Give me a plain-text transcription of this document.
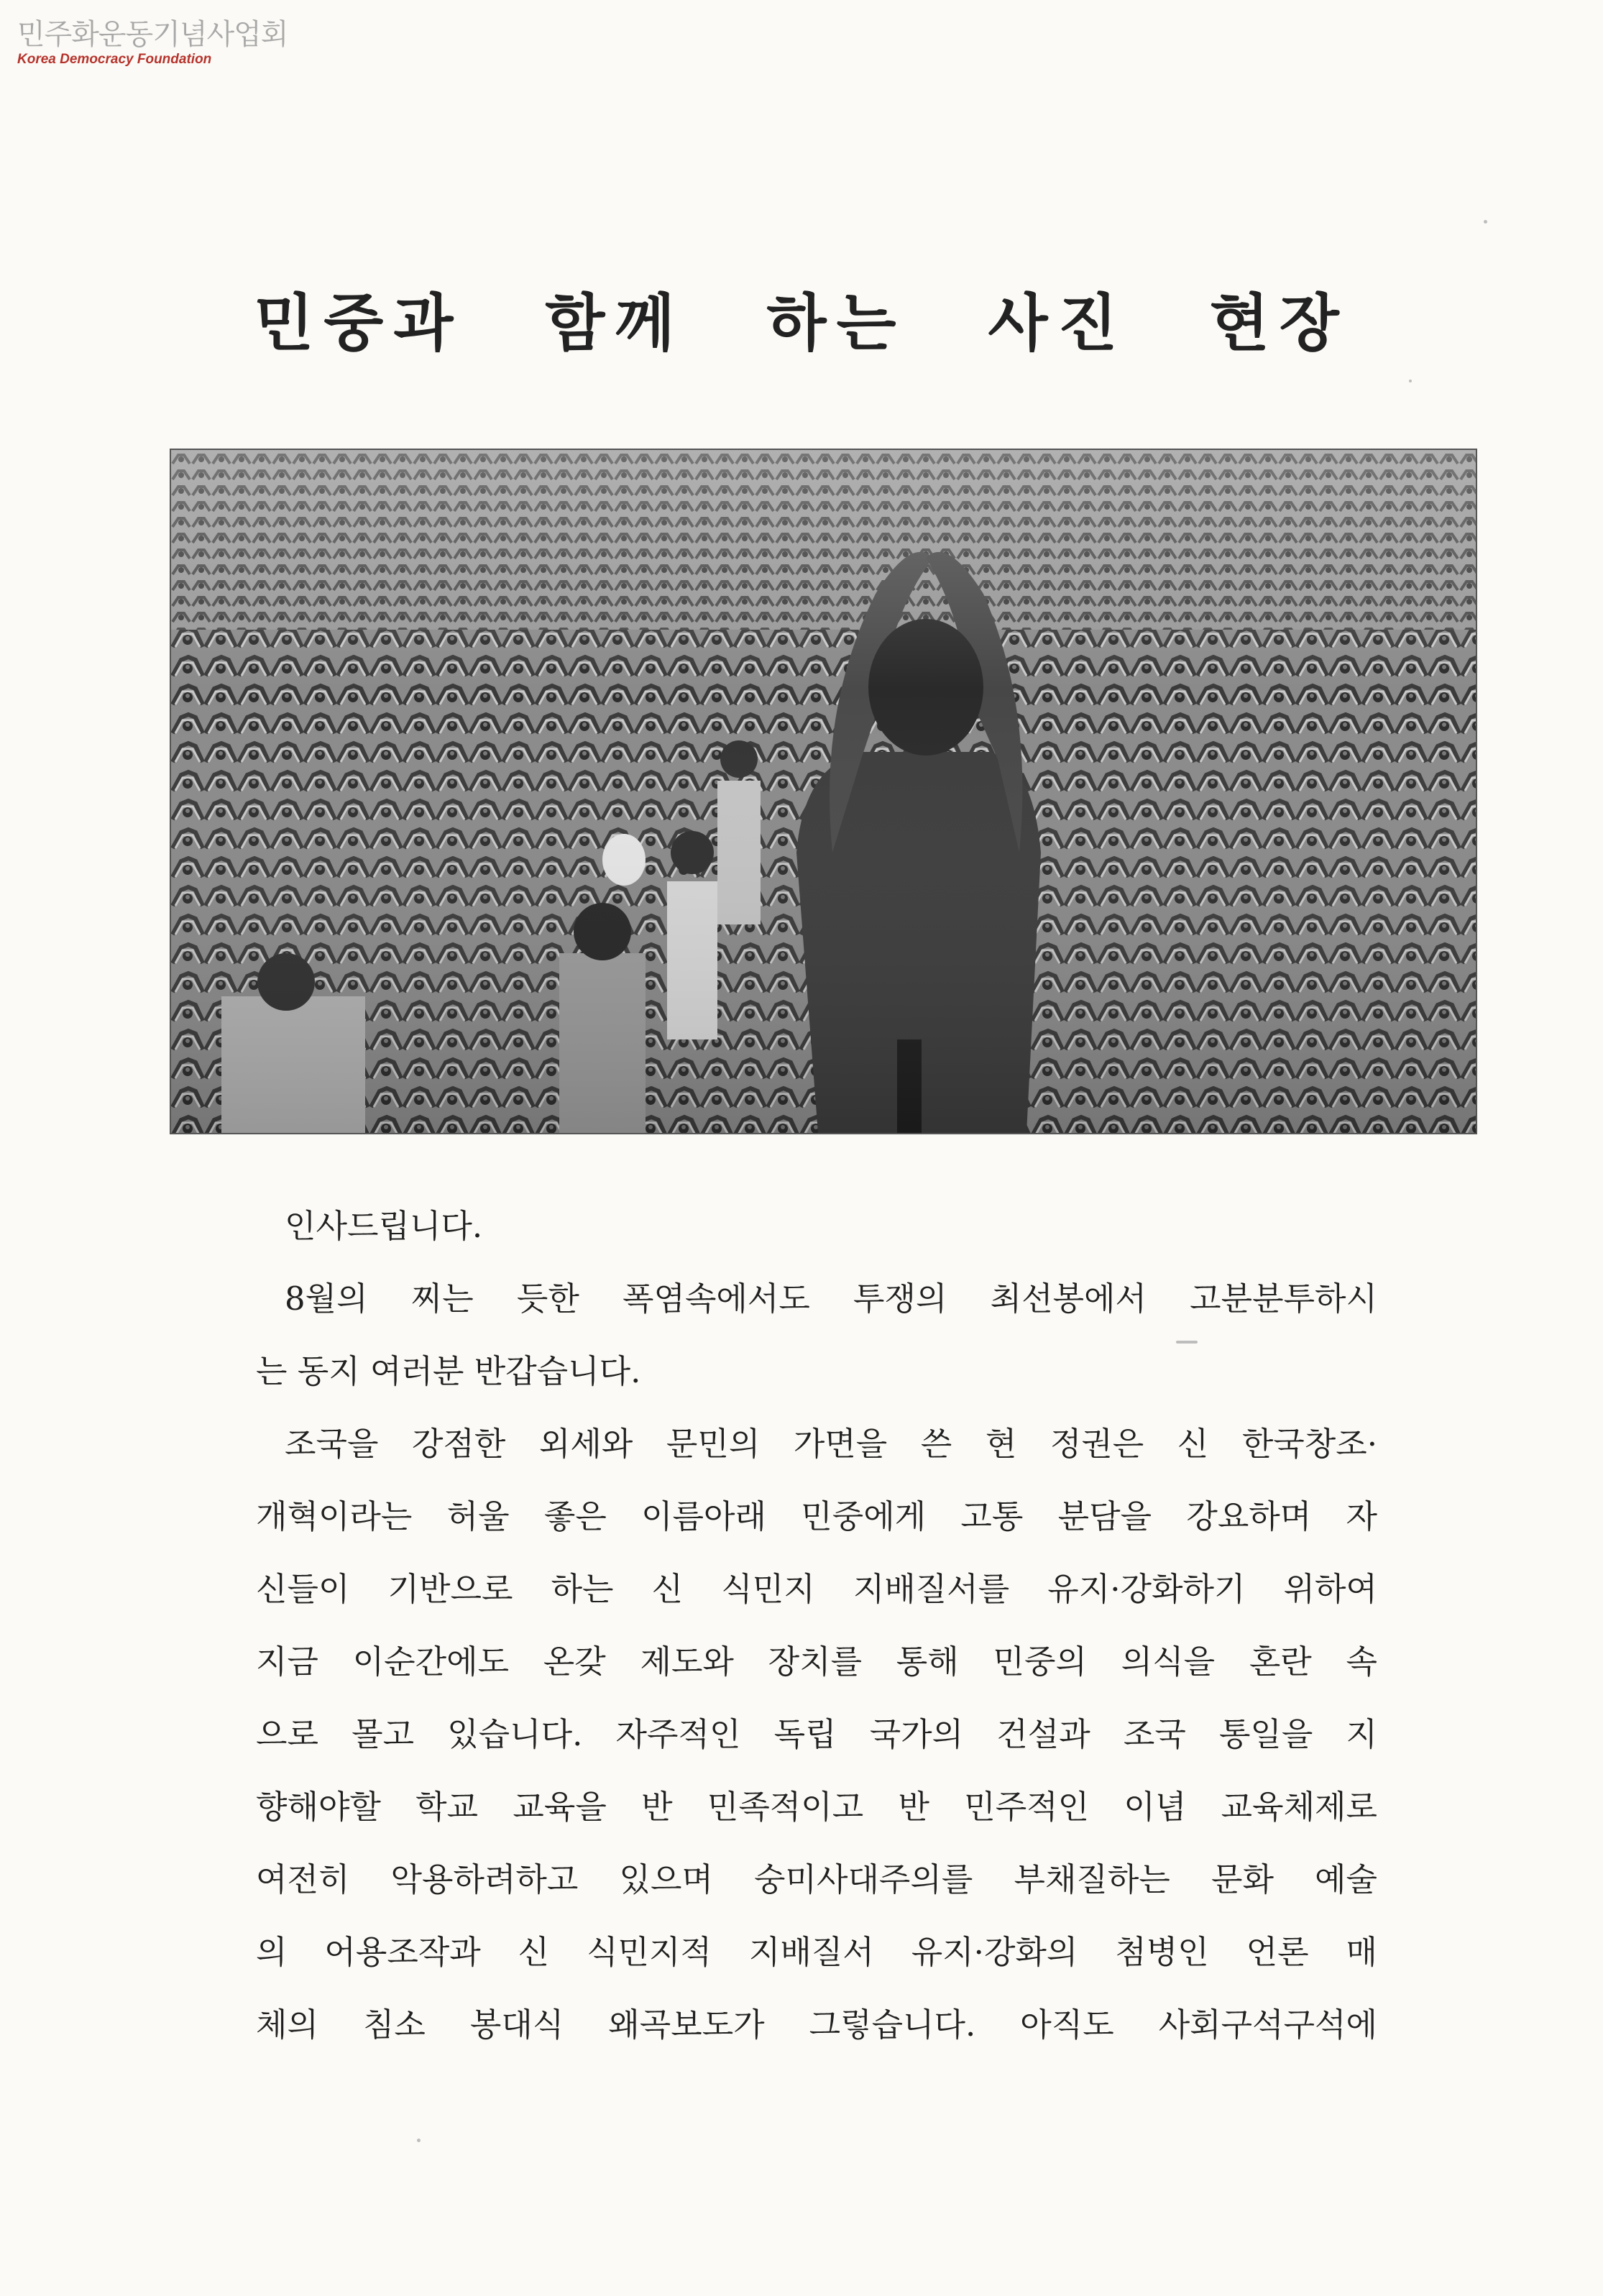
민주화운동기념사업회
Korea Democracy Foundation
민중과 함께 하는 사진 현장

인사드립니다.

8월의 찌는 듯한 폭염속에서도 투쟁의 최선봉에서 고분분투하시
는 동지 여러분 반갑습니다.

조국을 강점한 외세와 문민의 가면을 쓴 현 정권은 신 한국창조·
개혁이라는 허울 좋은 이름아래 민중에게 고통 분담을 강요하며 자
신들이 기반으로 하는 신 식민지 지배질서를 유지·강화하기 위하여
지금 이순간에도 온갖 제도와 장치를 통해 민중의 의식을 혼란 속
으로 몰고 있습니다. 자주적인 독립 국가의 건설과 조국 통일을 지
향해야할 학교 교육을 반 민족적이고 반 민주적인 이념 교육체제로
여전히 악용하려하고 있으며 숭미사대주의를 부채질하는 문화 예술
의 어용조작과 신 식민지적 지배질서 유지·강화의 첨병인 언론 매
체의 침소 봉대식 왜곡보도가 그렇습니다. 아직도 사회구석구석에
